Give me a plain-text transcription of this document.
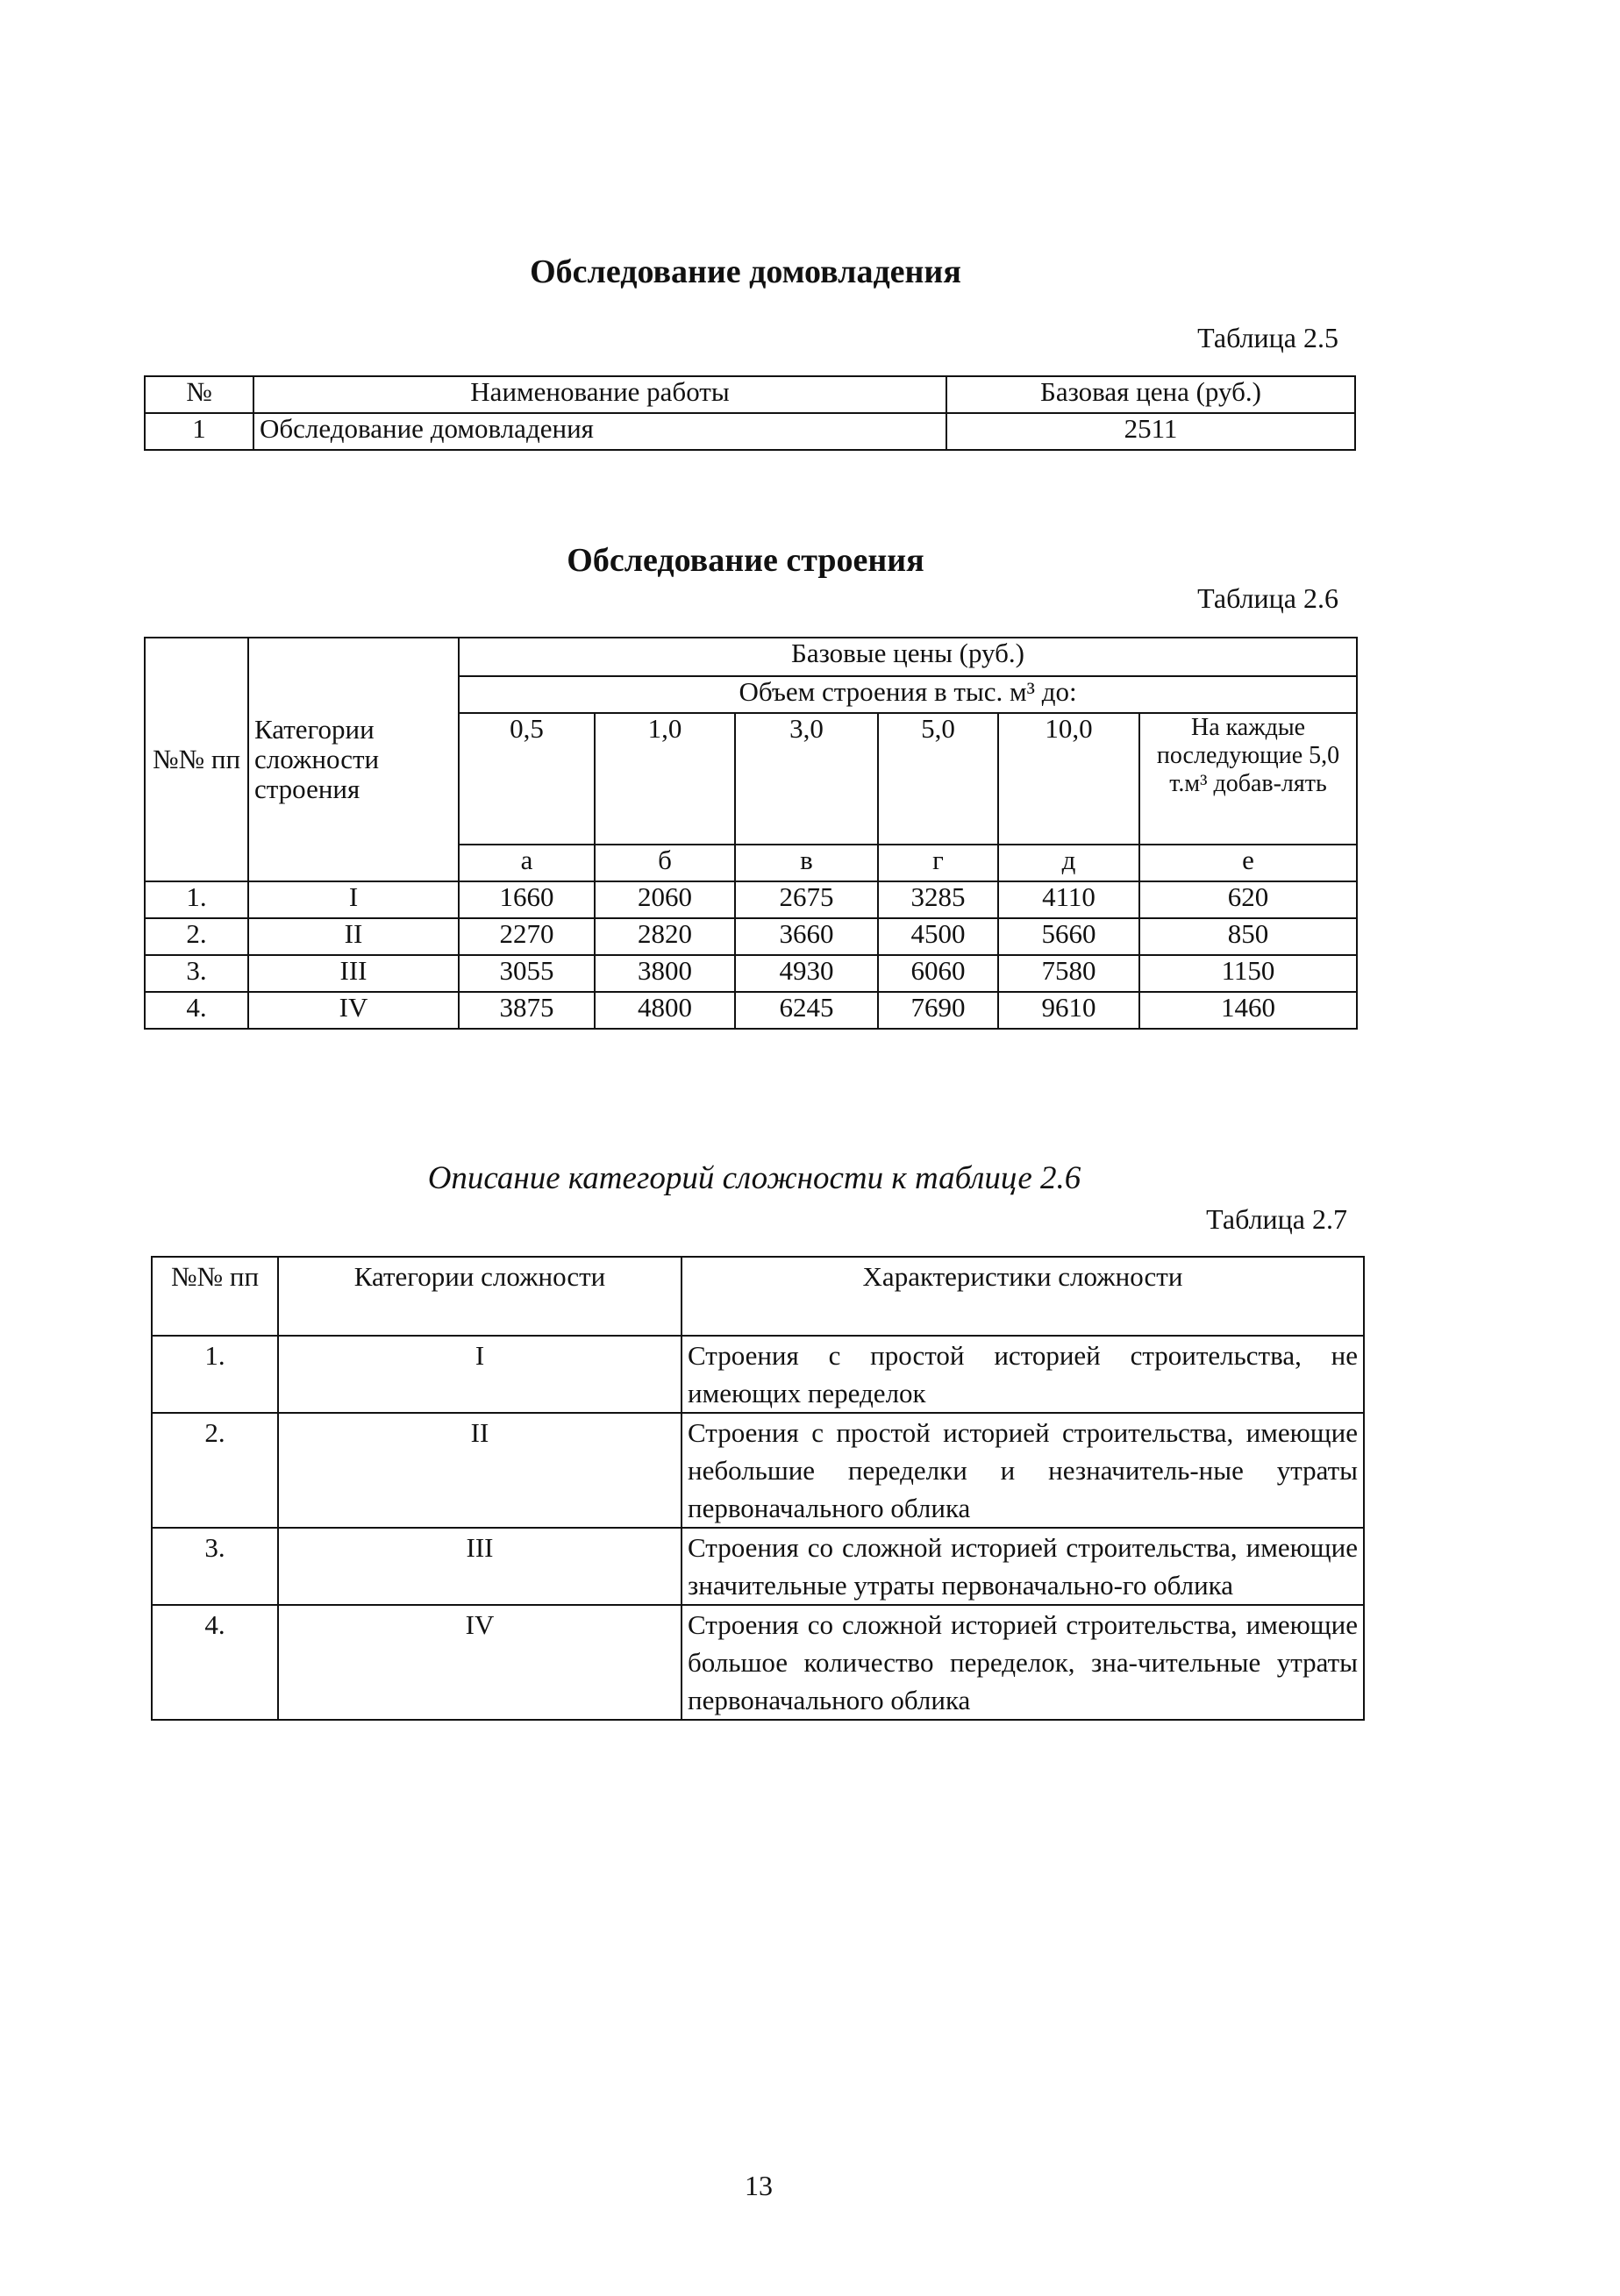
Обследование домовладения
Таблица 2.5
№	Наименование работы	Базовая цена (руб.)
1	Обследование домовладения	2511
Обследование строения
Таблица 2.6
№№ пп	Категории сложности строения	Базовые цены (руб.)					
		Объем строения в тыс. м³ до:					
		0,5	1,0	3,0	5,0	10,0	На каждые последующие 5,0 т.м³ добав-лять
		а	б	в	г	д	е
1.	I	1660	2060	2675	3285	4110	620
2.	II	2270	2820	3660	4500	5660	850
3.	III	3055	3800	4930	6060	7580	1150
4.	IV	3875	4800	6245	7690	9610	1460
Описание категорий сложности к таблице 2.6
Таблица 2.7
№№ пп	Категории сложности	Характеристики сложности
1.	I	Строения с простой историей строительства, не имеющих переделок
2.	II	Строения с простой историей строительства, имеющие небольшие переделки и незначитель-ные утраты первоначального облика
3.	III	Строения со сложной историей строительства, имеющие значительные утраты первоначально-го облика
4.	IV	Строения со сложной историей строительства, имеющие большое количество переделок, зна-чительные утраты первоначального облика
13
